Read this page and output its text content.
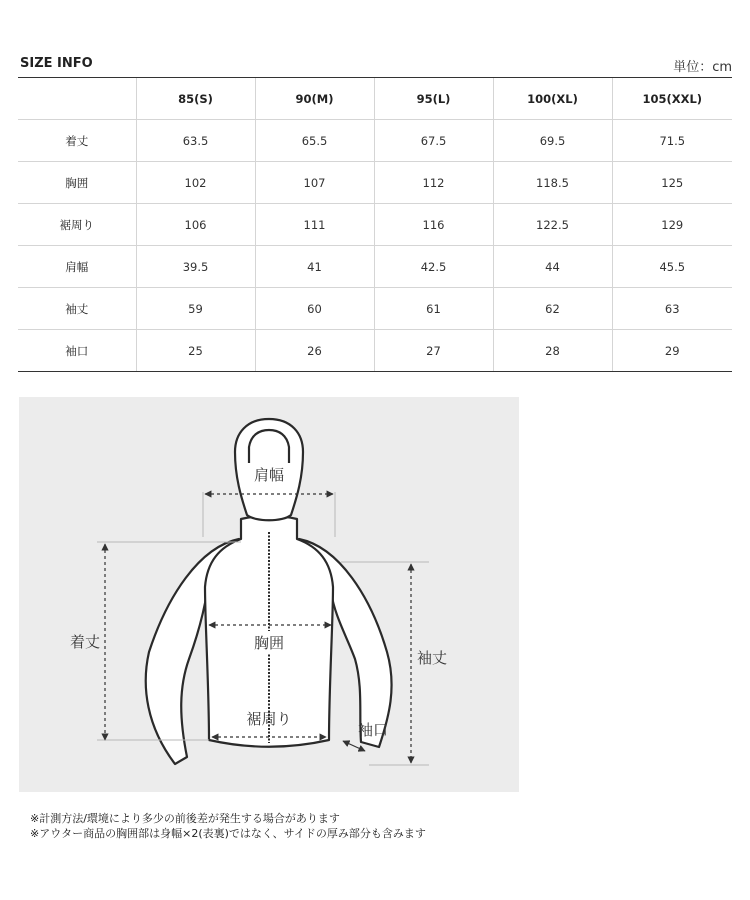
SIZE INFO	単位：cm
	85(S)	90(M)	95(L)	100(XL)	105(XXL)
着丈	63.5	65.5	67.5	69.5	71.5
胸囲	102	107	112	118.5	125
裾周り	106	111	116	122.5	129
肩幅	39.5	41	42.5	44	45.5
袖丈	59	60	61	62	63
袖口	25	26	27	28	29
肩幅
着丈	胸囲
裾周り
袖丈
袖口
※計測方法/環境により多少の前後差が発生する場合があります
※アウター商品の胸囲部は身幅×2(表裏)ではなく、サイドの厚み部分も含みます
